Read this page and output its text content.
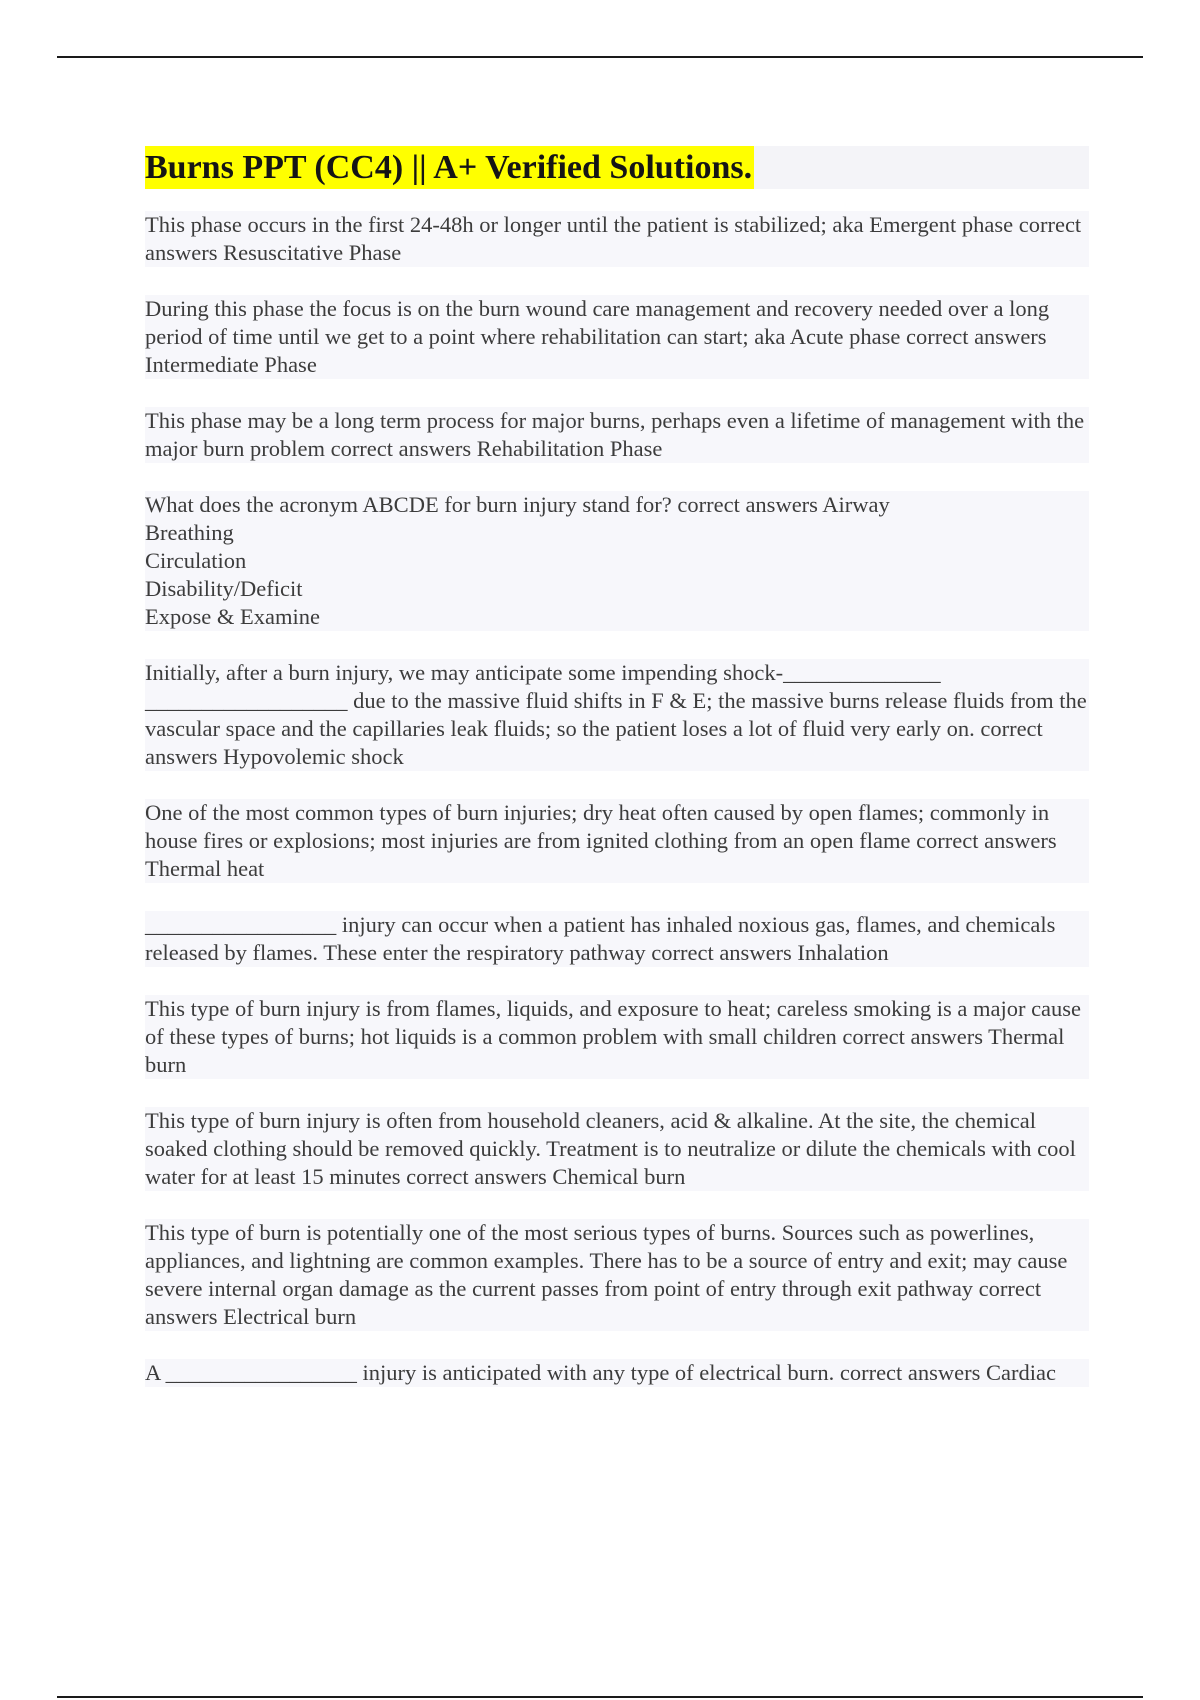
Burns PPT (CC4) || A+ Verified Solutions.
This phase occurs in the first 24-48h or longer until the patient is stabilized; aka Emergent phase correct answers Resuscitative Phase
During this phase the focus is on the burn wound care management and recovery needed over a long period of time until we get to a point where rehabilitation can start; aka Acute phase correct answers Intermediate Phase
This phase may be a long term process for major burns, perhaps even a lifetime of management with the major burn problem correct answers Rehabilitation Phase
What does the acronym ABCDE for burn injury stand for? correct answers Airway
Breathing
Circulation
Disability/Deficit
Expose & Examine
Initially, after a burn injury, we may anticipate some impending shock-______________
__________________ due to the massive fluid shifts in F & E; the massive burns release fluids from the vascular space and the capillaries leak fluids; so the patient loses a lot of fluid very early on. correct answers Hypovolemic shock
One of the most common types of burn injuries; dry heat often caused by open flames; commonly in house fires or explosions; most injuries are from ignited clothing from an open flame correct answers Thermal heat
_________________ injury can occur when a patient has inhaled noxious gas, flames, and chemicals released by flames. These enter the respiratory pathway correct answers Inhalation
This type of burn injury is from flames, liquids, and exposure to heat; careless smoking is a major cause of these types of burns; hot liquids is a common problem with small children correct answers Thermal burn
This type of burn injury is often from household cleaners, acid & alkaline. At the site, the chemical soaked clothing should be removed quickly. Treatment is to neutralize or dilute the chemicals with cool water for at least 15 minutes correct answers Chemical burn
This type of burn is potentially one of the most serious types of burns. Sources such as powerlines, appliances, and lightning are common examples. There has to be a source of entry and exit; may cause severe internal organ damage as the current passes from point of entry through exit pathway correct answers Electrical burn
A _________________ injury is anticipated with any type of electrical burn. correct answers Cardiac
